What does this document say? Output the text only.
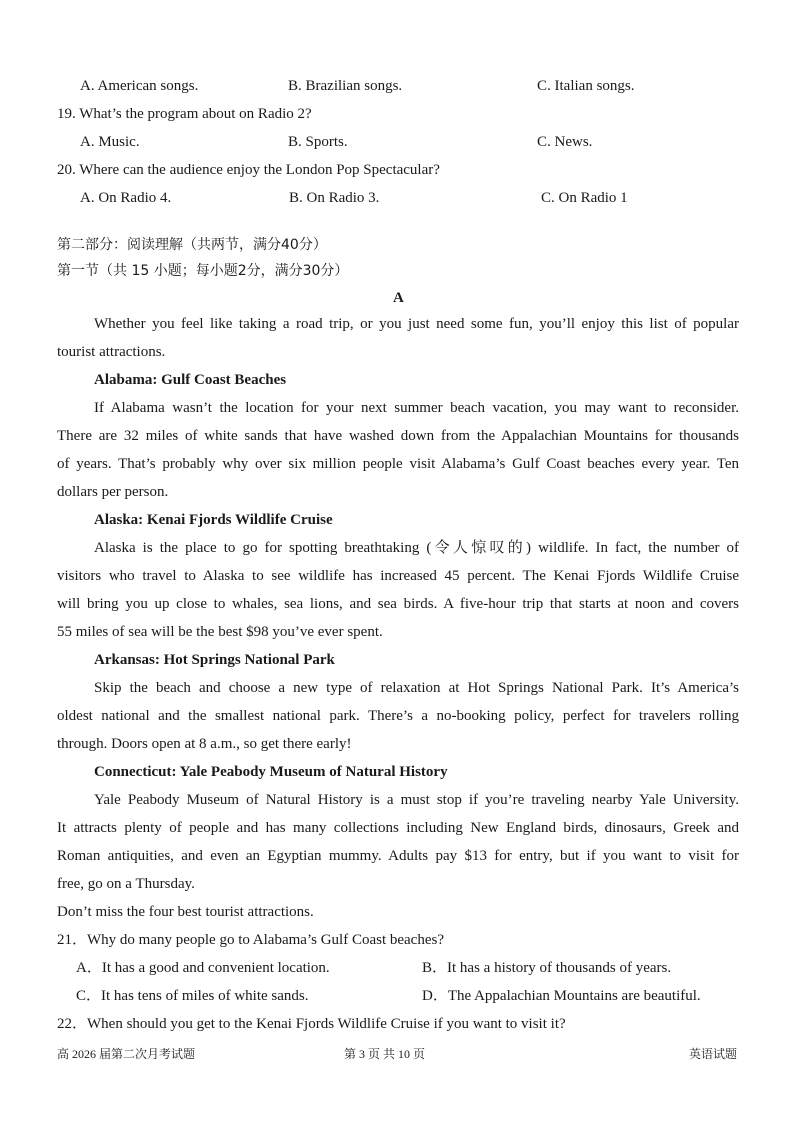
A. American songs.	B. Brazilian songs.	C. Italian songs.
19. What’s the program about on Radio 2?
A. Music.	B. Sports.	C. News.
20. Where can the audience enjoy the London Pop Spectacular?
A. On Radio 4.	B. On Radio 3.	C. On Radio 1
第二部分：阅读理解（共两节，满分40分）
第一节（共 15 小题；每小题2分，满分30分）
A
Whether you feel like taking a road trip, or you just need some fun, you’ll enjoy this list of popular
tourist attractions.
Alabama: Gulf Coast Beaches
If Alabama wasn’t the location for your next summer beach vacation, you may want to reconsider.
There are 32 miles of white sands that have washed down from the Appalachian Mountains for thousands
of years. That’s probably why over six million people visit Alabama’s Gulf Coast beaches every year. Ten
dollars per person.
Alaska: Kenai Fjords Wildlife Cruise
Alaska is the place to go for spotting breathtaking (令人惊叹的) wildlife. In fact, the number of
visitors who travel to Alaska to see wildlife has increased 45 percent. The Kenai Fjords Wildlife Cruise
will bring you up close to whales, sea lions, and sea birds. A five-hour trip that starts at noon and covers
55 miles of sea will be the best $98 you’ve ever spent.
Arkansas: Hot Springs National Park
Skip the beach and choose a new type of relaxation at Hot Springs National Park. It’s America’s
oldest national and the smallest national park. There’s a no-booking policy, perfect for travelers rolling
through. Doors open at 8 a.m., so get there early!
Connecticut: Yale Peabody Museum of Natural History
Yale Peabody Museum of Natural History is a must stop if you’re traveling nearby Yale University.
It attracts plenty of people and has many collections including New England birds, dinosaurs, Greek and
Roman antiquities, and even an Egyptian mummy. Adults pay $13 for entry, but if you want to visit for
free, go on a Thursday.
Don’t miss the four best tourist attractions.
21．Why do many people go to Alabama’s Gulf Coast beaches?
A．It has a good and convenient location.	B．It has a history of thousands of years.
C．It has tens of miles of white sands.	D．The Appalachian Mountains are beautiful.
22．When should you get to the Kenai Fjords Wildlife Cruise if you want to visit it?
高 2026 届第二次月考试题	第 3 页 共 10 页	英语试题
